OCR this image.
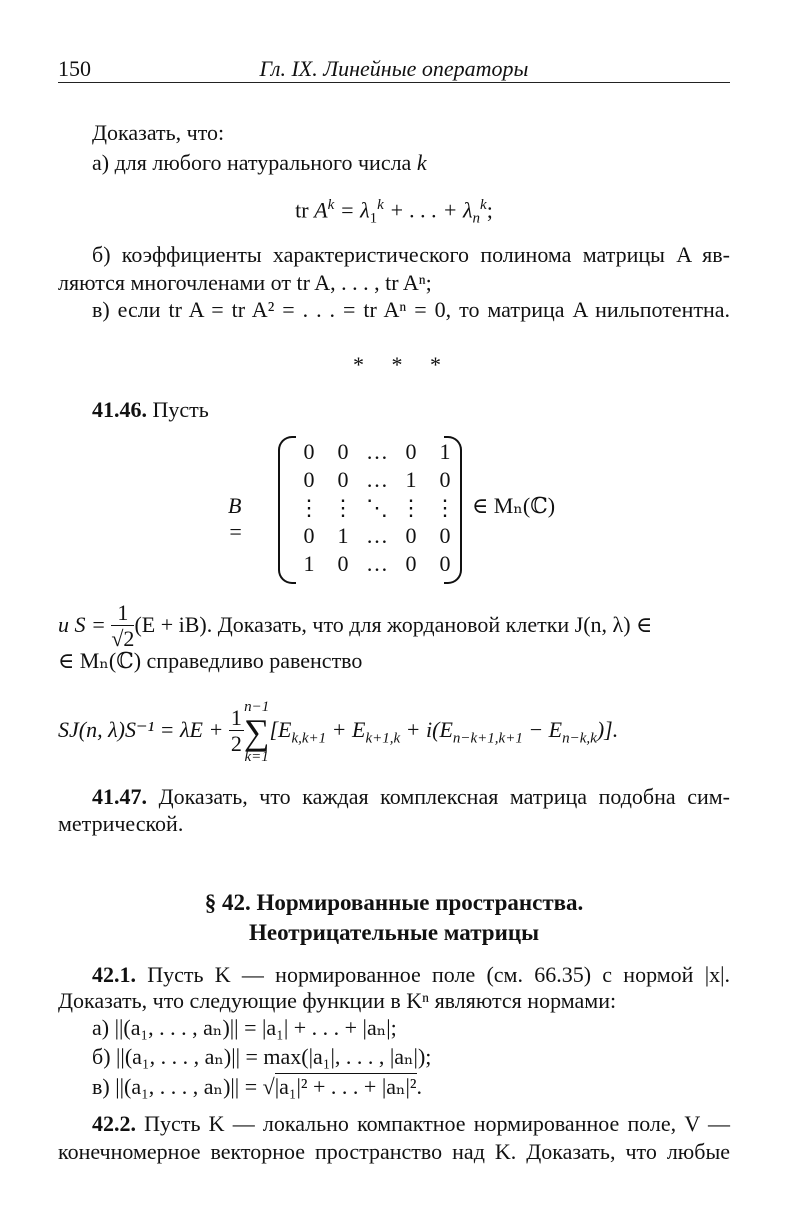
150	Гл. IX. Линейные операторы
Доказать, что:
а) для любого натурального числа k
tr $A^k = \lambda_1^k$ + . . . + $\lambda_n^k$;
б) коэффициенты характеристического полинома матрицы A яв-
ляются многочленами от tr A, . . . , tr Aⁿ;
в) если tr A = tr A² = . . . = tr Aⁿ = 0, то матрица A нильпотентна.
* * *
41.46. Пусть
B =
0	0 … 0	1
0	0 … 1	0
⋮ ⋮ ⋱ ⋮ ⋮
0	1 … 0	0
1	0 … 0	0
∈ Mₙ(ℂ)
и $S = \frac{1}{√2} (E + iB)$. Доказать, что для жордановой клетки J(n, λ) ∈
∈ Mₙ(ℂ) справедливо равенство
SJ(n, $\lambda)S^{-1} = \lambda E + \frac{1}{2} n-1$
∑
k=1
$[E_{k,k+1} + E_{k+1,k} + i(E_{n-k+1,k+1} - E_{n-k,k})]$.
41.47. Доказать, что каждая комплексная матрица подобна сим-
метрической.
§ 42. Нормированные пространства.
Неотрицательные матрицы
42.1. Пусть K — нормированное поле (см. 66.35) с нормой |x|.
Доказать, что следующие функции в Kⁿ являются нормами:
а) ||(a₁, . . . , aₙ)|| = |a₁| + . . . + |aₙ|;
б) ||(a₁, . . . , aₙ)|| = max(|a₁|, . . . , |aₙ|);
в) ||(a₁, . . . , aₙ)|| = √|a₁|² + . . . + |aₙ|².
42.2. Пусть K — локально компактное нормированное поле, V —
конечномерное векторное пространство над K. Доказать, что любые
